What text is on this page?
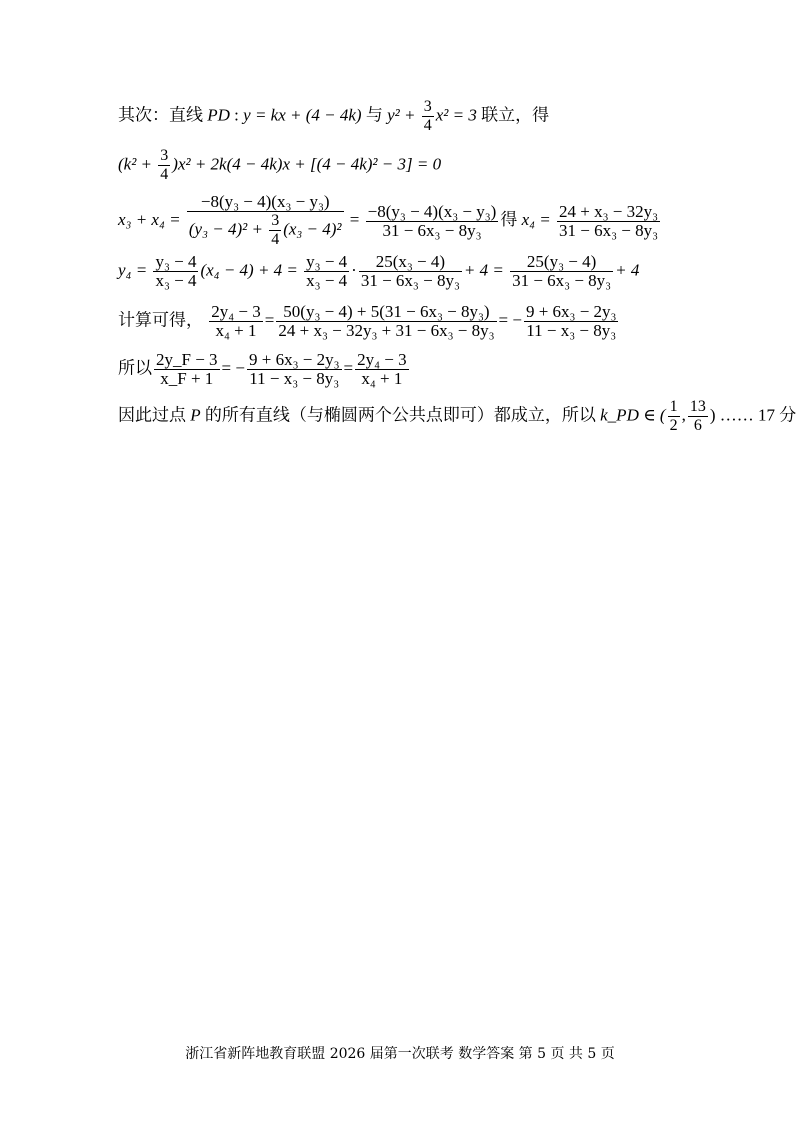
其次：直线 PD : y = kx + (4 − 4k) 与 $y^2 + \frac{3}{4} x^2 = 3$ 联立，得
$(k^2 + \frac{3}{4} )x^2 + 2k(4 - 4k)x + [(4 - 4k)^2 - 3] = 0$
$x_3 + x_4 = \frac{\text{−8(y₃ − 4)(x₃ − y₃)}}{(y_3 - 4)^2 + \frac{3}{4} (x_3 - 4)^2} = \frac{\text{−8(y₃ − 4)(x₃ − y₃)}}{\text{31 − 6x₃ − 8y₃}}$ 得 $x_4 = \frac{\text{24 + x₃ − 32y₃}}{\text{31 − 6x₃ − 8y₃}}$
$y_4 = \frac{\text{y₃ − 4}}{\text{x₃ − 4}} (x_4 - 4) + 4 = \frac{\text{y₃ − 4}}{\text{x₃ − 4}} \cdot \frac{\text{25(x₃ − 4)}}{\text{31 − 6x₃ − 8y₃}} + 4 = \frac{\text{25(y₃ − 4)}}{\text{31 − 6x₃ − 8y₃}} + 4$
计算可得， $\frac{\text{2y₄ − 3}}{\text{x₄ + 1}} = \frac{\text{50(y₃ − 4) + 5(31 − 6x₃ − 8y₃)}}{\text{24 + x₃ − 32y₃ + 31 − 6x₃ − 8y₃}}$ = − $\frac{\text{9 + 6x₃ − 2y₃}}{\text{11 − x₃ − 8y₃}}$
所以 $\frac{2y\_F - 3}{x\_F + 1}$ = − $\frac{\text{9 + 6x₃ − 2y₃}}{\text{11 − x₃ − 8y₃}} = \frac{\text{2y₄ − 3}}{\text{x₄ + 1}}$
因此过点 P 的所有直线（与椭圆两个公共点即可）都成立，所以 k_PD ∈ ( $\frac{1}{2}$ , $\frac{13}{6}$ ) …… 17 分
浙江省新阵地教育联盟 2026 届第一次联考 数学答案 第 5 页 共 5 页
